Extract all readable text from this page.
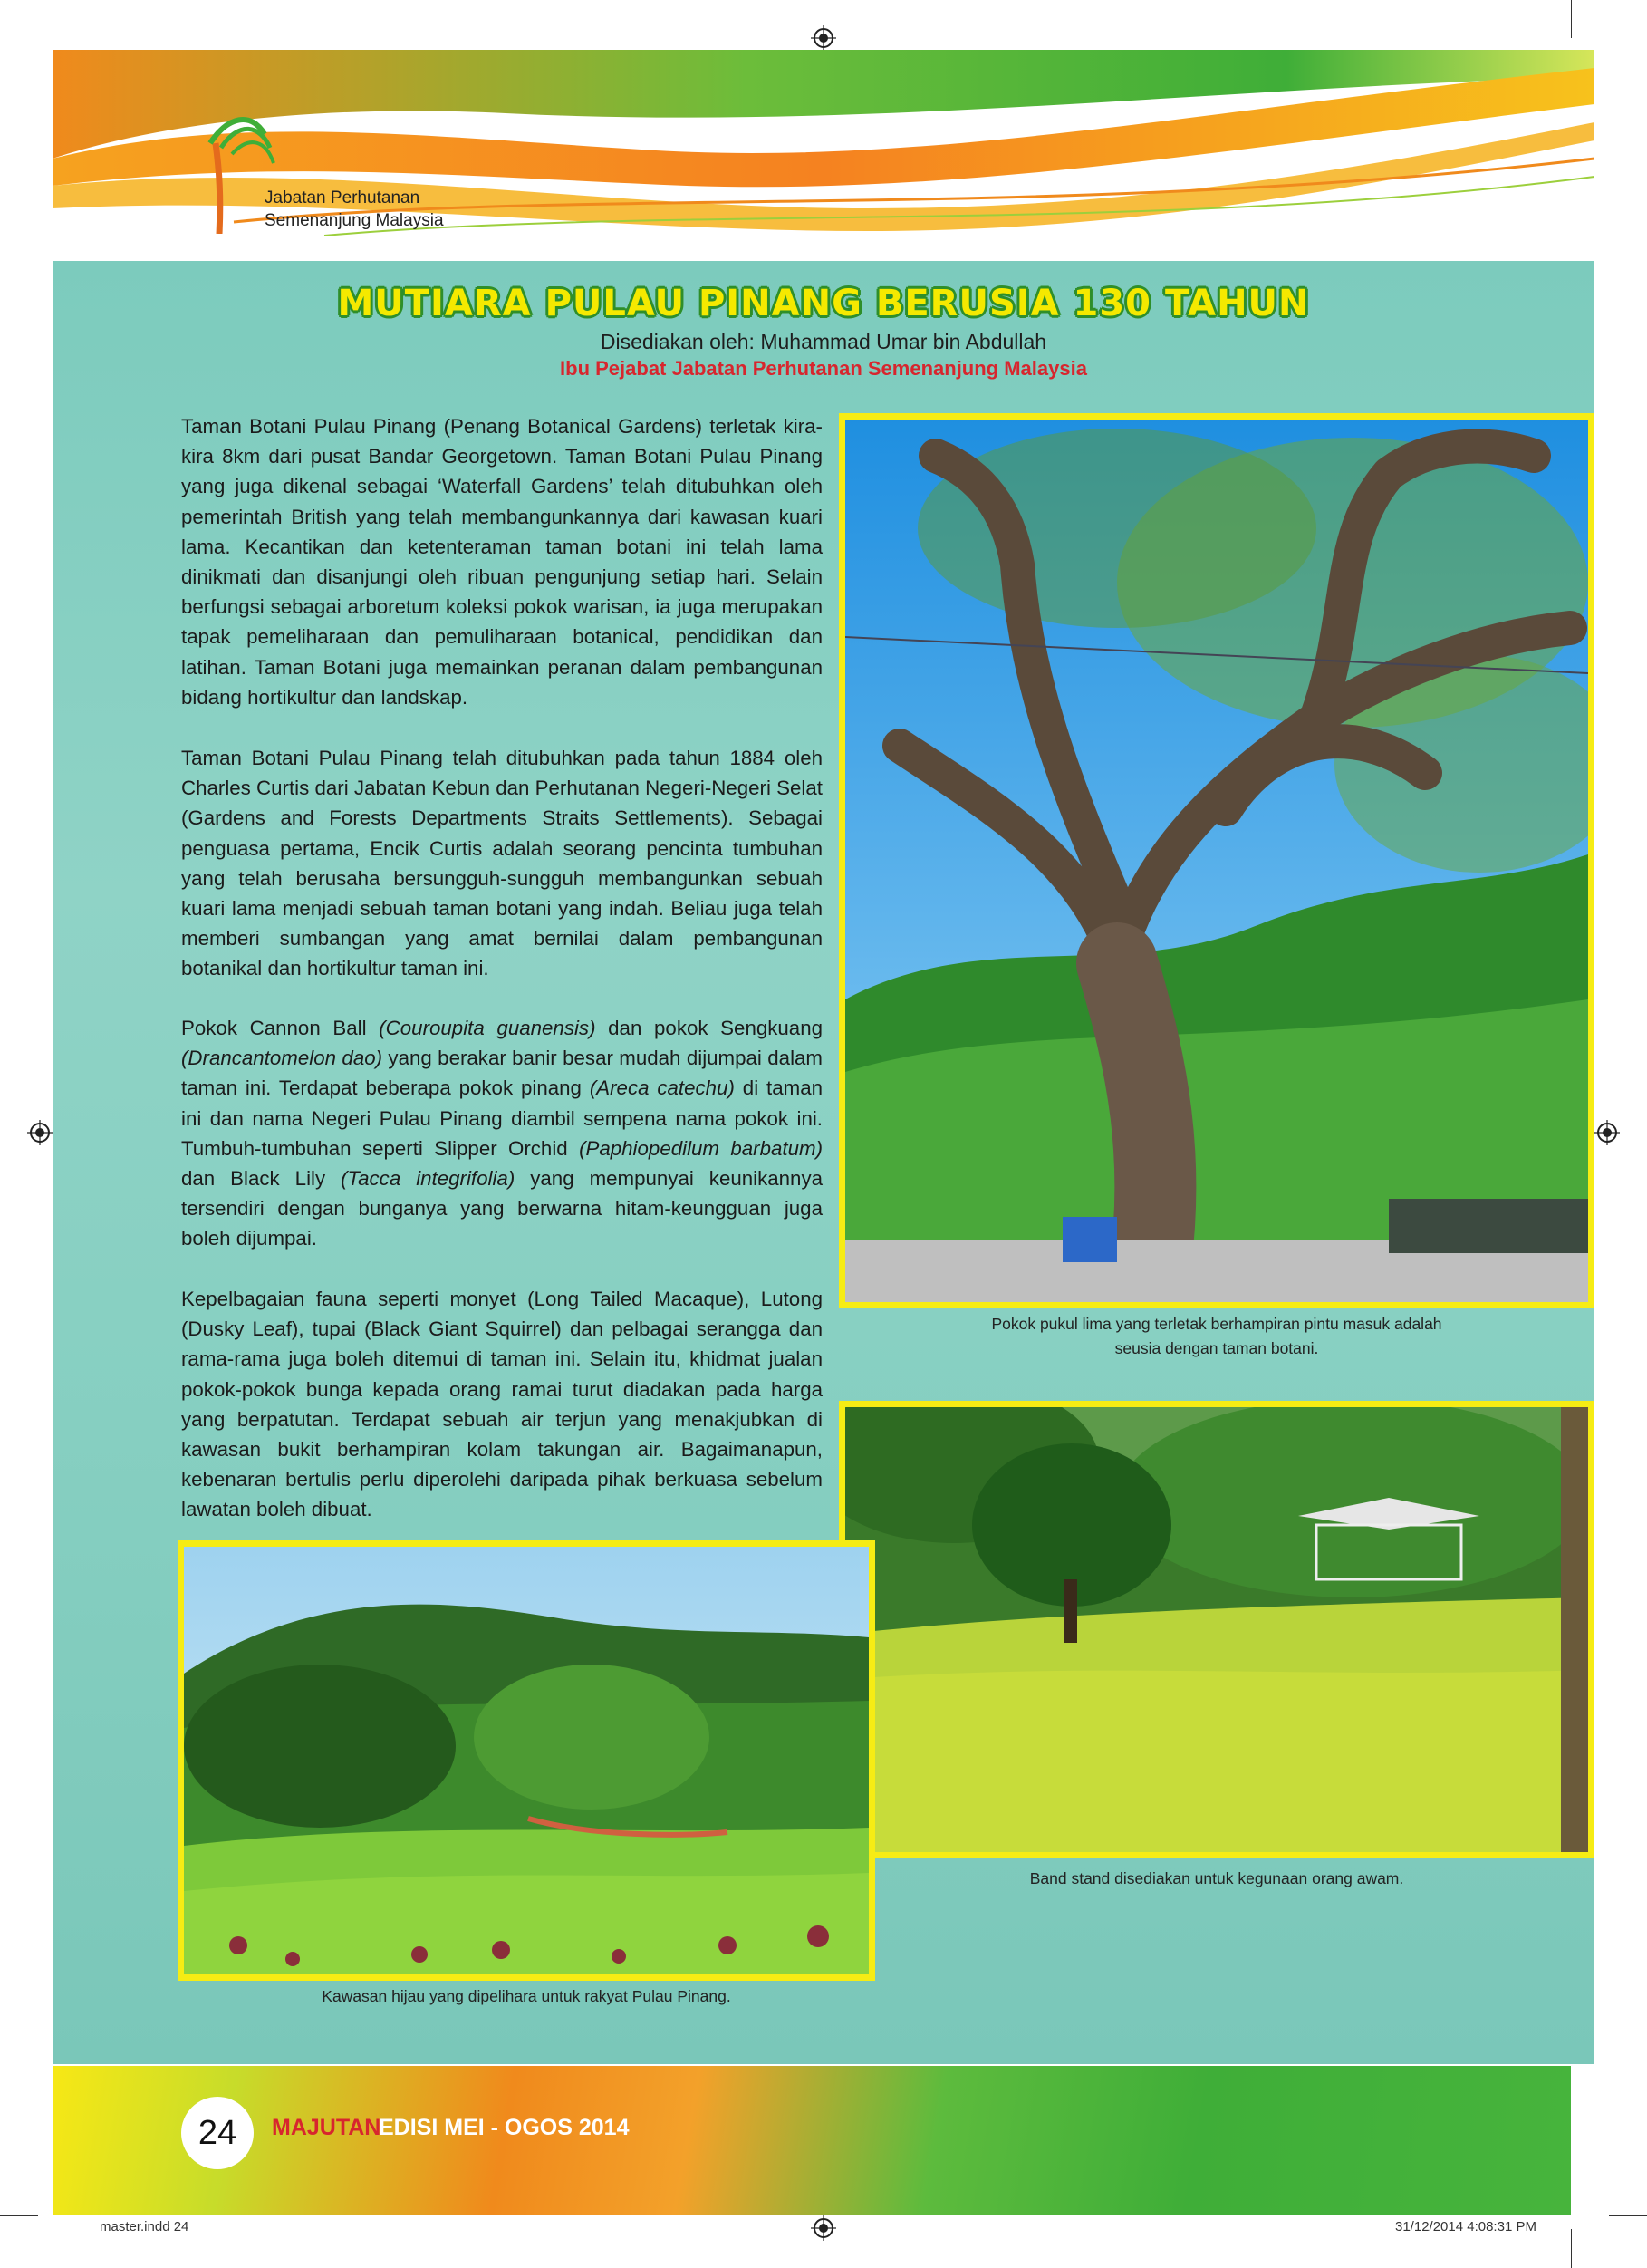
Jabatan Perhutanan
Semenanjung Malaysia
MUTIARA PULAU PINANG BERUSIA 130 TAHUN
Disediakan oleh: Muhammad Umar bin Abdullah
Ibu Pejabat Jabatan Perhutanan Semenanjung Malaysia
Taman Botani Pulau Pinang (Penang Botanical Gardens) terletak kira-kira 8km dari pusat Bandar Georgetown. Taman Botani Pulau Pinang yang juga dikenal sebagai ‘Waterfall Gardens’ telah ditubuhkan oleh pemerintah British yang telah membangunkannya dari kawasan kuari lama. Kecantikan dan ketenteraman taman botani ini telah lama dinikmati dan disanjungi oleh ribuan pengunjung setiap hari. Selain berfungsi sebagai arboretum koleksi pokok warisan, ia juga merupakan tapak pemeliharaan dan pemuliharaan botanical, pendidikan dan latihan. Taman Botani juga memainkan peranan dalam pembangunan bidang hortikultur dan landskap.
Taman Botani Pulau Pinang telah ditubuhkan pada tahun 1884 oleh Charles Curtis dari Jabatan Kebun dan Perhutanan Negeri-Negeri Selat (Gardens and Forests Departments Straits Settlements). Sebagai penguasa pertama, Encik Curtis adalah seorang pencinta tumbuhan yang telah berusaha bersungguh-sungguh membangunkan sebuah kuari lama menjadi sebuah taman botani yang indah. Beliau juga telah memberi sumbangan yang amat bernilai dalam pembangunan botanikal dan hortikultur taman ini.
Pokok Cannon Ball (Couroupita guanensis) dan pokok Sengkuang (Drancantomelon dao) yang berakar banir besar mudah dijumpai dalam taman ini. Terdapat beberapa pokok pinang (Areca catechu) di taman ini dan nama Negeri Pulau Pinang diambil sempena nama pokok ini. Tumbuh-tumbuhan seperti Slipper Orchid (Paphiopedilum barbatum) dan Black Lily (Tacca integrifolia) yang mempunyai keunikannya tersendiri dengan bunganya yang berwarna hitam-keungguan juga boleh dijumpai.
Kepelbagaian fauna seperti monyet (Long Tailed Macaque), Lutong (Dusky Leaf), tupai (Black Giant Squirrel) dan pelbagai serangga dan rama-rama juga boleh ditemui di taman ini. Selain itu, khidmat jualan pokok-pokok bunga kepada orang ramai turut diadakan pada harga yang berpatutan. Terdapat sebuah air terjun yang menakjubkan di kawasan bukit berhampiran kolam takungan air. Bagaimanapun, kebenaran bertulis perlu diperolehi daripada pihak berkuasa sebelum lawatan boleh dibuat.
Pokok pukul lima yang terletak berhampiran pintu masuk adalah
seusia dengan taman botani.
Band stand disediakan untuk kegunaan orang awam.
Kawasan hijau yang dipelihara untuk rakyat Pulau Pinang.
24	MAJUTAN
EDISI MEI - OGOS 2014
master.indd 24	31/12/2014 4:08:31 PM
